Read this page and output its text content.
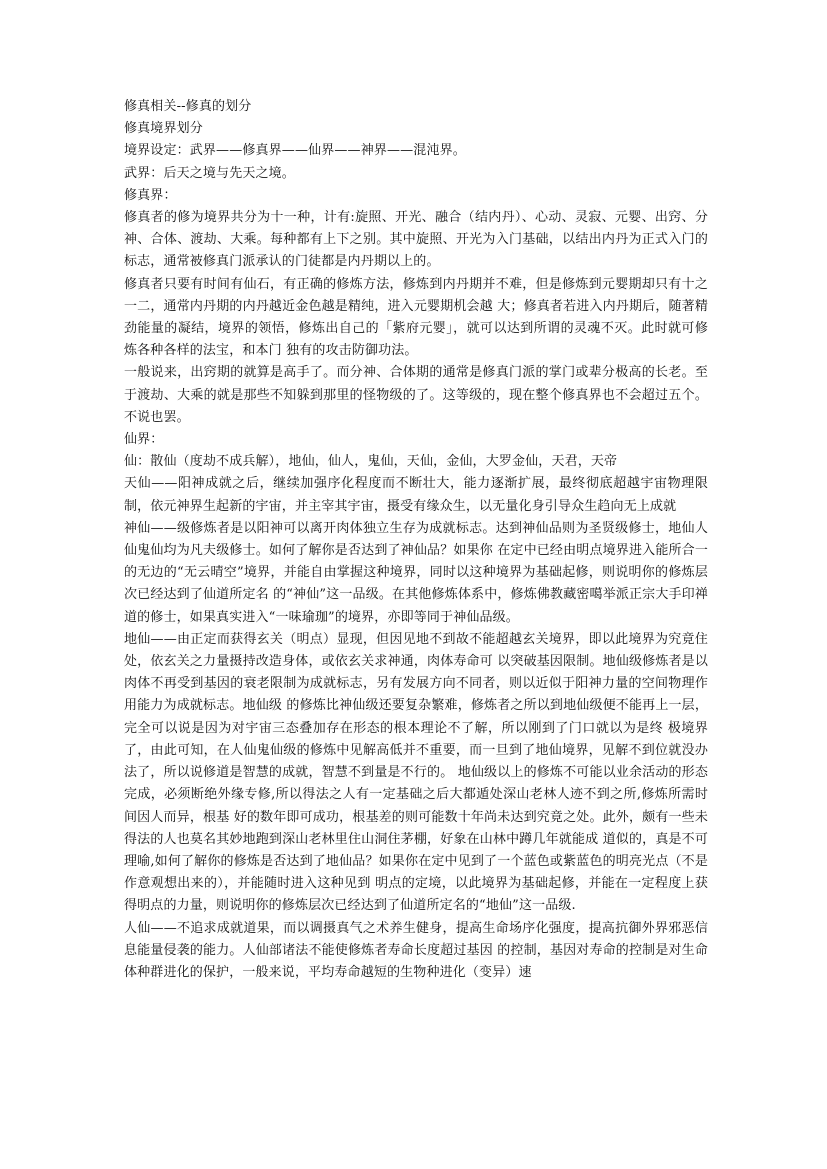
修真相关--修真的划分

修真境界划分

境界设定：武界——修真界——仙界——神界——混沌界。

武界：后天之境与先天之境。

修真界：

修真者的修为境界共分为十一种，计有:旋照、开光、融合（结内丹）、心动、灵寂、元婴、出窍、分神、合体、渡劫、大乘。每种都有上下之别。其中旋照、开光为入门基础，以结出内丹为正式入门的标志，通常被修真门派承认的门徒都是内丹期以上的。

修真者只要有时间有仙石，有正确的修炼方法，修炼到内丹期并不难，但是修炼到元婴期却只有十之一二，通常内丹期的内丹越近金色越是精纯，进入元婴期机会越 大；修真者若进入内丹期后，随著精劲能量的凝结，境界的领悟，修炼出自己的「紫府元婴」，就可以达到所谓的灵魂不灭。此时就可修炼各种各样的法宝，和本门 独有的攻击防御功法。

一般说来，出窍期的就算是高手了。而分神、合体期的通常是修真门派的掌门或辈分极高的长老。至于渡劫、大乘的就是那些不知躲到那里的怪物级的了。这等级的，现在整个修真界也不会超过五个。不说也罢。

仙界：

仙：散仙（度劫不成兵解），地仙，仙人，鬼仙，天仙，金仙，大罗金仙，天君，天帝

天仙——阳神成就之后，继续加强序化程度而不断壮大，能力逐渐扩展，最终彻底超越宇宙物理限制，依元神界生起新的宇宙，并主宰其宇宙，摄受有缘众生，以无量化身引导众生趋向无上成就

神仙——级修炼者是以阳神可以离开肉体独立生存为成就标志。达到神仙品则为圣贤级修士，地仙人仙鬼仙均为凡夫级修士。如何了解你是否达到了神仙品？如果你 在定中已经由明点境界进入能所合一的无边的“无云晴空”境界，并能自由掌握这种境界，同时以这种境界为基础起修，则说明你的修炼层次已经达到了仙道所定名 的“神仙”这一品级。在其他修炼体系中，修炼佛教藏密噶举派正宗大手印禅道的修士，如果真实进入“一味瑜珈”的境界，亦即等同于神仙品级。

地仙——由正定而获得玄关（明点）显现，但因见地不到故不能超越玄关境界，即以此境界为究竟住处，依玄关之力量摄持改造身体，或依玄关求神通，肉体寿命可 以突破基因限制。地仙级修炼者是以肉体不再受到基因的衰老限制为成就标志，另有发展方向不同者，则以近似于阳神力量的空间物理作用能力为成就标志。地仙级 的修炼比神仙级还要复杂繁难，修炼者之所以到地仙级便不能再上一层，完全可以说是因为对宇宙三态叠加存在形态的根本理论不了解，所以刚到了门口就以为是终 极境界了，由此可知，在人仙鬼仙级的修炼中见解高低并不重要，而一旦到了地仙境界，见解不到位就没办法了，所以说修道是智慧的成就，智慧不到量是不行的。 地仙级以上的修炼不可能以业余活动的形态完成，必须断绝外缘专修,所以得法之人有一定基础之后大都遁处深山老林人迹不到之所,修炼所需时间因人而异，根基 好的数年即可成功，根基差的则可能数十年尚未达到究竟之处。此外，颇有一些未得法的人也莫名其妙地跑到深山老林里住山洞住茅棚，好象在山林中蹲几年就能成 道似的，真是不可理喻,如何了解你的修炼是否达到了地仙品？如果你在定中见到了一个蓝色或紫蓝色的明亮光点（不是作意观想出来的），并能随时进入这种见到 明点的定境，以此境界为基础起修，并能在一定程度上获得明点的力量，则说明你的修炼层次已经达到了仙道所定名的“地仙”这一品级.

人仙——不追求成就道果，而以调摄真气之术养生健身，提高生命场序化强度，提高抗御外界邪恶信息能量侵袭的能力。人仙部诸法不能使修炼者寿命长度超过基因 的控制，基因对寿命的控制是对生命体种群进化的保护，一般来说，平均寿命越短的生物种进化（变异）速
